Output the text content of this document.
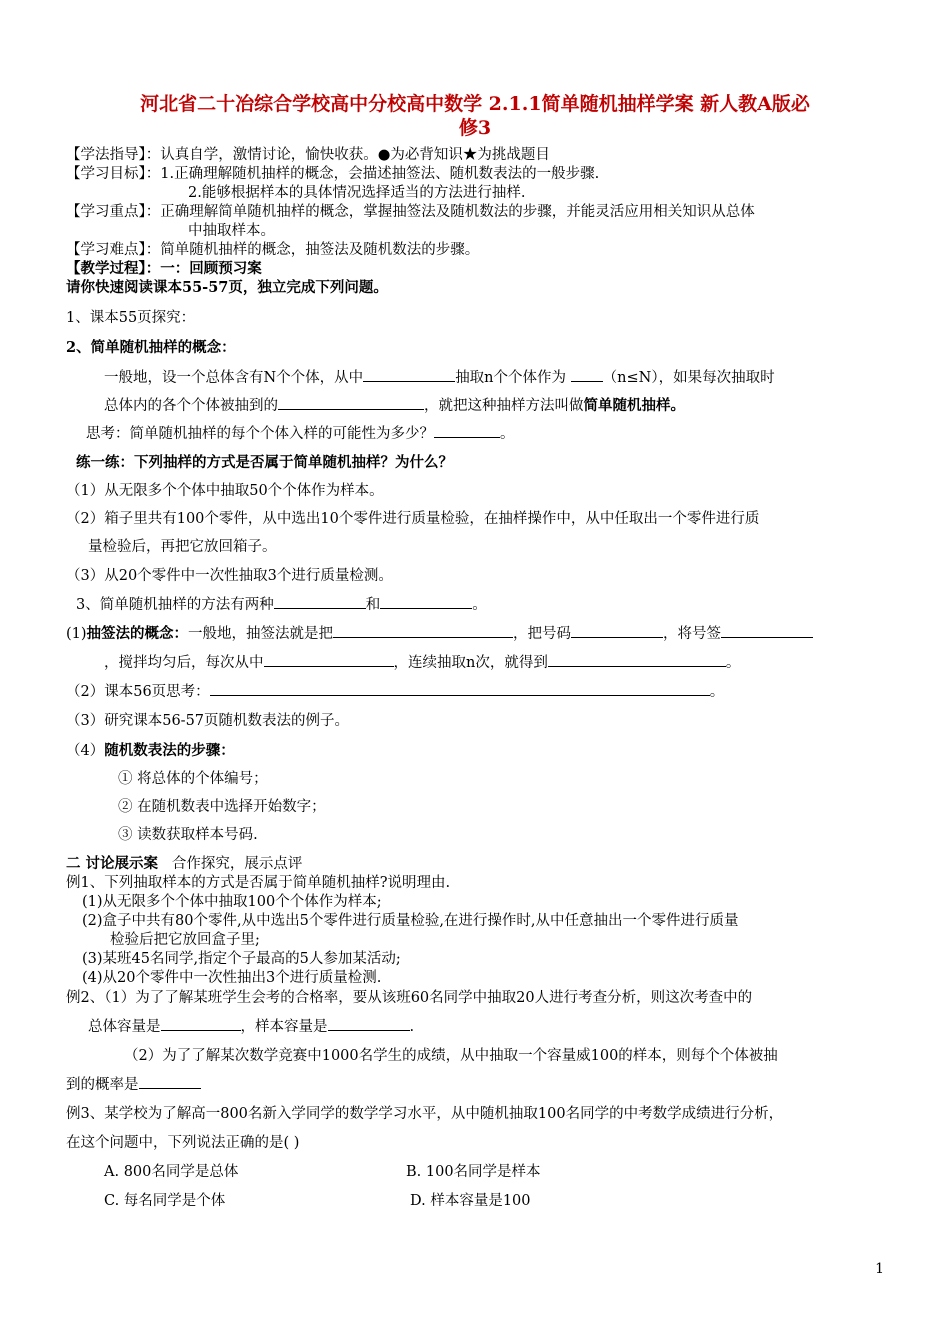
河北省二十冶综合学校高中分校高中数学 2.1.1简单随机抽样学案 新人教A版必
修3
【学法指导】：认真自学，激情讨论，愉快收获。●为必背知识★为挑战题目
【学习目标】：1.正确理解随机抽样的概念，会描述抽签法、随机数表法的一般步骤.
2.能够根据样本的具体情况选择适当的方法进行抽样.
【学习重点】：正确理解简单随机抽样的概念，掌握抽签法及随机数法的步骤，并能灵活应用相关知识从总体
中抽取样本。
【学习难点】：简单随机抽样的概念，抽签法及随机数法的步骤。
【教学过程】：一：回顾预习案
请你快速阅读课本55-57页，独立完成下列问题。
1、课本55页探究：
2、简单随机抽样的概念：
一般地，设一个总体含有N个个体，从中	抽取n个个体作为	（n≤N），如果每次抽取时
总体内的各个个体被抽到的	，就把这种抽样方法叫做简单随机抽样。
思考：简单随机抽样的每个个体入样的可能性为多少？	。
练一练：下列抽样的方式是否属于简单随机抽样？为什么？
（1）从无限多个个体中抽取50个个体作为样本。
（2）箱子里共有100个零件，从中选出10个零件进行质量检验，在抽样操作中，从中任取出一个零件进行质
量检验后，再把它放回箱子。
（3）从20个零件中一次性抽取3个进行质量检测。
3、简单随机抽样的方法有两种	和	。
(1)抽签法的概念：一般地，抽签法就是把	，把号码	，将号签
，搅拌均匀后，每次从中	，连续抽取n次，就得到	。
（2）课本56页思考：	。
（3）研究课本56-57页随机数表法的例子。
（4）随机数表法的步骤：
① 将总体的个体编号；
② 在随机数表中选择开始数字；
③ 读数获取样本号码.
二 讨论展示案 合作探究，展示点评
例1、下列抽取样本的方式是否属于简单随机抽样?说明理由.
(1)从无限多个个体中抽取100个个体作为样本;
(2)盒子中共有80个零件,从中选出5个零件进行质量检验,在进行操作时,从中任意抽出一个零件进行质量
检验后把它放回盒子里;
(3)某班45名同学,指定个子最高的5人参加某活动;
(4)从20个零件中一次性抽出3个进行质量检测.
例2、（1）为了了解某班学生会考的合格率，要从该班60名同学中抽取20人进行考查分析，则这次考查中的
总体容量是	，样本容量是	.
（2）为了了解某次数学竞赛中1000名学生的成绩，从中抽取一个容量威100的样本，则每个个体被抽
到的概率是
例3、某学校为了解高一800名新入学同学的数学学习水平，从中随机抽取100名同学的中考数学成绩进行分析，
在这个问题中，下列说法正确的是( )
A. 800名同学是总体	B. 100名同学是样本
C. 每名同学是个体	D. 样本容量是100
1
